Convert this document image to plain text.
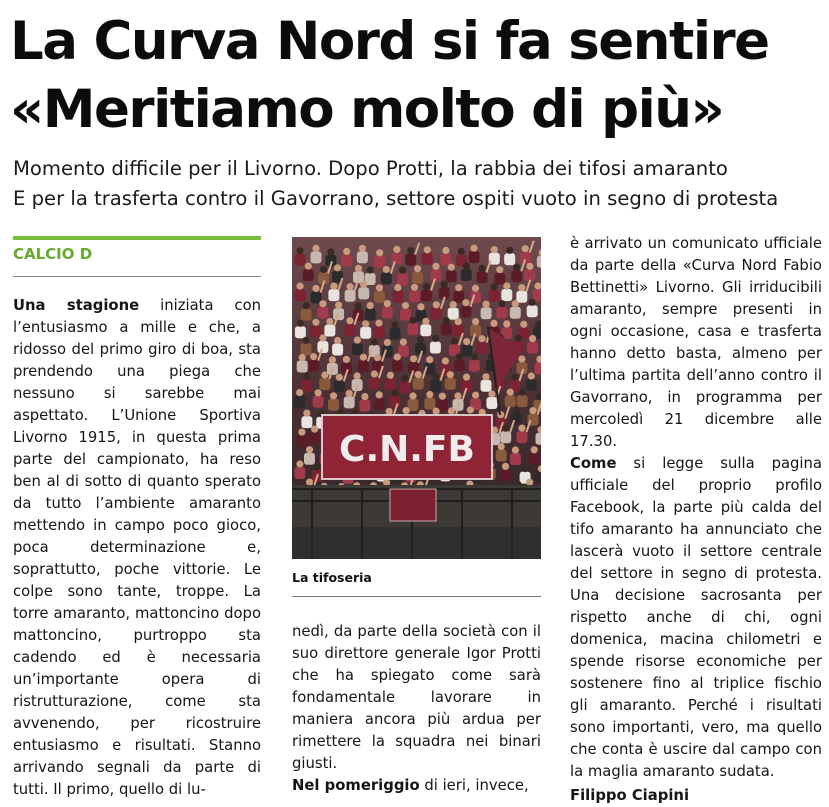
La Curva Nord si fa sentire
«Meritiamo molto di più»
Momento difficile per il Livorno. Dopo Protti, la rabbia dei tifosi amaranto
E per la trasferta contro il Gavorrano, settore ospiti vuoto in segno di protesta
CALCIO D

Una stagione iniziata con l’entusiasmo a mille e che, a ridosso del primo giro di boa, sta prendendo una piega che nessuno si sarebbe mai aspettato. L’Unione Sportiva Livorno 1915, in questa prima parte del campionato, ha reso ben al di sotto di quanto sperato da tutto l’ambiente amaranto mettendo in campo poco gioco, poca determinazione e, soprattutto, poche vittorie. Le colpe sono tante, troppe. La torre amaranto, mattoncino dopo mattoncino, purtroppo sta cadendo ed è necessaria un’importante opera di ristrutturazione, come sta avvenendo, per ricostruire entusiasmo e risultati. Stanno arrivando segnali da parte di tutti. Il primo, quello di lu-

C.N.FB
La tifoseria

nedì, da parte della società con il suo direttore generale Igor Protti che ha spiegato come sarà fondamentale lavorare in maniera ancora più ardua per rimettere la squadra nei binari giusti.

Nel pomeriggio di ieri, invece,

è arrivato un comunicato ufficiale da parte della «Curva Nord Fabio Bettinetti» Livorno. Gli irriducibili amaranto, sempre presenti in ogni occasione, casa e trasferta hanno detto basta, almeno per l’ultima partita dell’anno contro il Gavorrano, in programma per mercoledì 21 dicembre alle 17.30.

Come si legge sulla pagina ufficiale del proprio profilo Facebook, la parte più calda del tifo amaranto ha annunciato che lascerà vuoto il settore centrale del settore in segno di protesta. Una decisione sacrosanta per rispetto anche di chi, ogni domenica, macina chilometri e spende risorse economiche per sostenere fino al triplice fischio gli amaranto. Perché i risultati sono importanti, vero, ma quello che conta è uscire dal campo con la maglia amaranto sudata.

Filippo Ciapini
